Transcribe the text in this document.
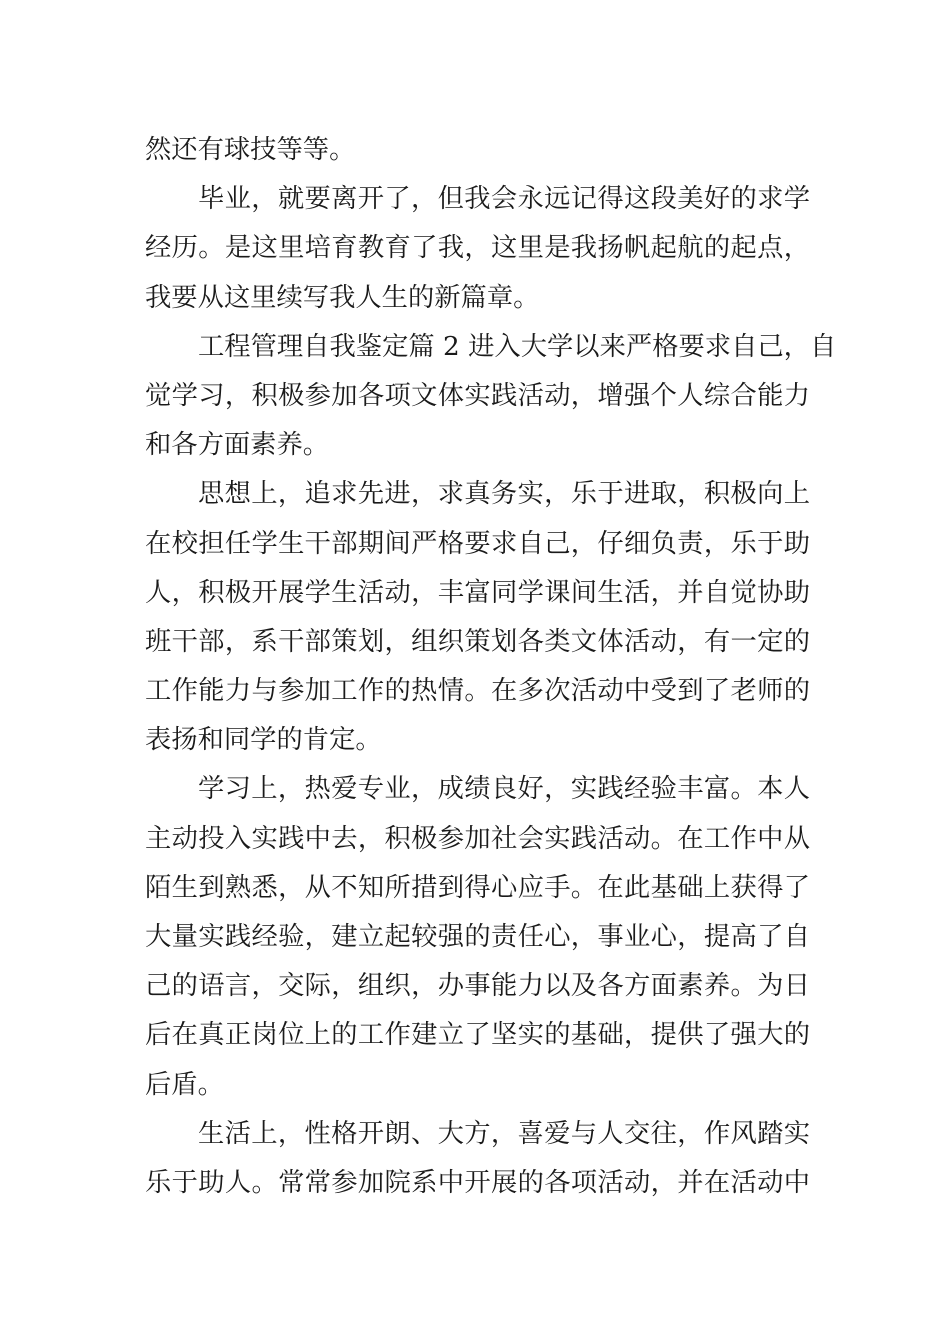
然还有球技等等。
毕业，就要离开了，但我会永远记得这段美好的求学
经历。是这里培育教育了我，这里是我扬帆起航的起点，
我要从这里续写我人生的新篇章。
工程管理自我鉴定篇 2 进入大学以来严格要求自己，自
觉学习，积极参加各项文体实践活动，增强个人综合能力
和各方面素养。
思想上，追求先进，求真务实，乐于进取，积极向上
在校担任学生干部期间严格要求自己，仔细负责，乐于助
人，积极开展学生活动，丰富同学课间生活，并自觉协助
班干部，系干部策划，组织策划各类文体活动，有一定的
工作能力与参加工作的热情。在多次活动中受到了老师的
表扬和同学的肯定。
学习上，热爱专业，成绩良好，实践经验丰富。本人
主动投入实践中去，积极参加社会实践活动。在工作中从
陌生到熟悉，从不知所措到得心应手。在此基础上获得了
大量实践经验，建立起较强的责任心，事业心，提高了自
己的语言，交际，组织，办事能力以及各方面素养。为日
后在真正岗位上的工作建立了坚实的基础，提供了强大的
后盾。
生活上，性格开朗、大方，喜爱与人交往，作风踏实
乐于助人。常常参加院系中开展的各项活动，并在活动中
